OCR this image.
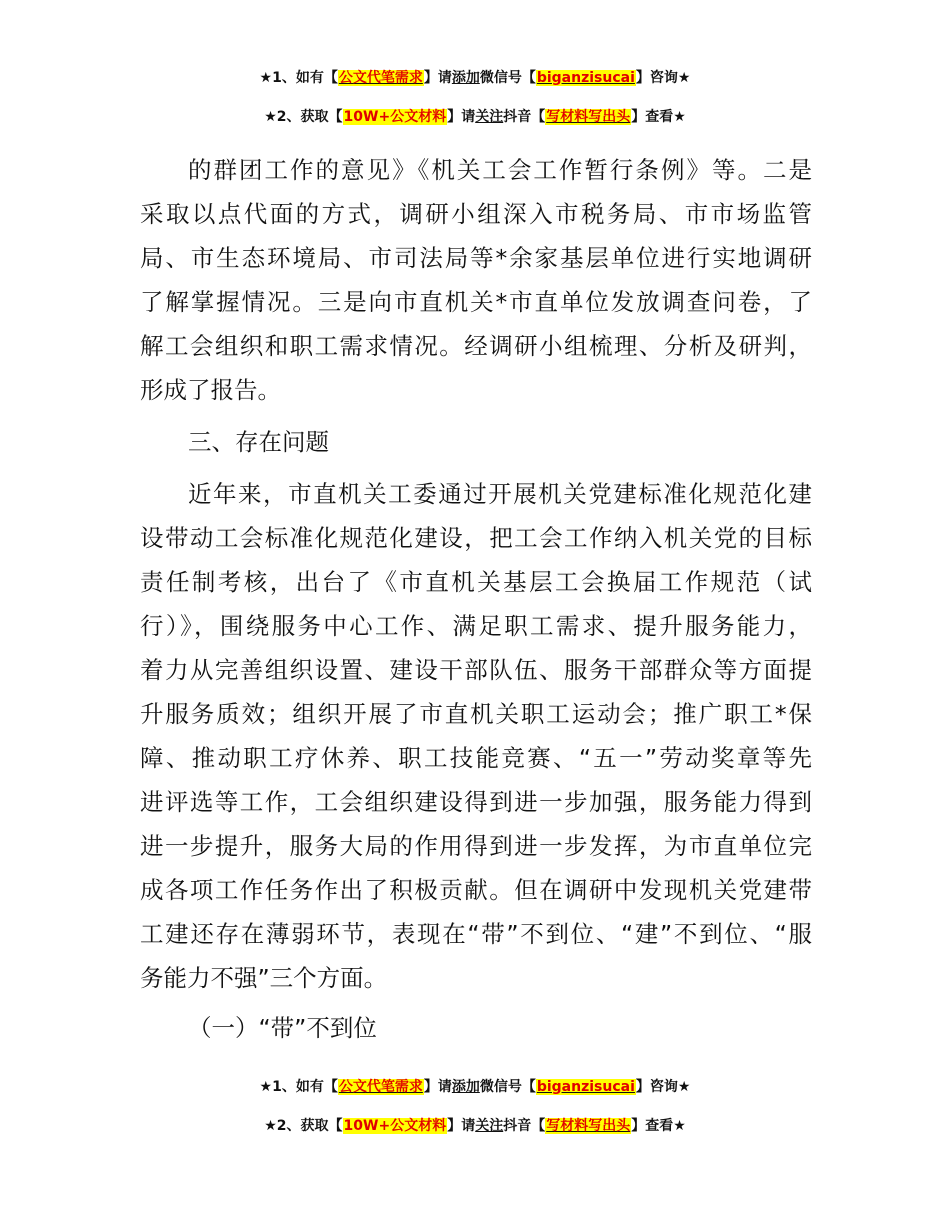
★1、如有【公文代笔需求】请添加微信号【biganzisucai】咨询★
★2、获取【10W+公文材料】请关注抖音【写材料写出头】查看★
的群团工作的意见》《机关工会工作暂行条例》等。二是
采取以点代面的方式，调研小组深入市税务局、市市场监管
局、市生态环境局、市司法局等*余家基层单位进行实地调研
了解掌握情况。三是向市直机关*市直单位发放调查问卷，了
解工会组织和职工需求情况。经调研小组梳理、分析及研判，
形成了报告。
三、存在问题
近年来，市直机关工委通过开展机关党建标准化规范化建
设带动工会标准化规范化建设，把工会工作纳入机关党的目标
责任制考核，出台了《市直机关基层工会换届工作规范（试
行）》，围绕服务中心工作、满足职工需求、提升服务能力，
着力从完善组织设置、建设干部队伍、服务干部群众等方面提
升服务质效；组织开展了市直机关职工运动会；推广职工*保
障、推动职工疗休养、职工技能竞赛、“五一”劳动奖章等先
进评选等工作，工会组织建设得到进一步加强，服务能力得到
进一步提升，服务大局的作用得到进一步发挥，为市直单位完
成各项工作任务作出了积极贡献。但在调研中发现机关党建带
工建还存在薄弱环节，表现在“带”不到位、“建”不到位、“服
务能力不强”三个方面。
（一）“带”不到位
★1、如有【公文代笔需求】请添加微信号【biganzisucai】咨询★
★2、获取【10W+公文材料】请关注抖音【写材料写出头】查看★
